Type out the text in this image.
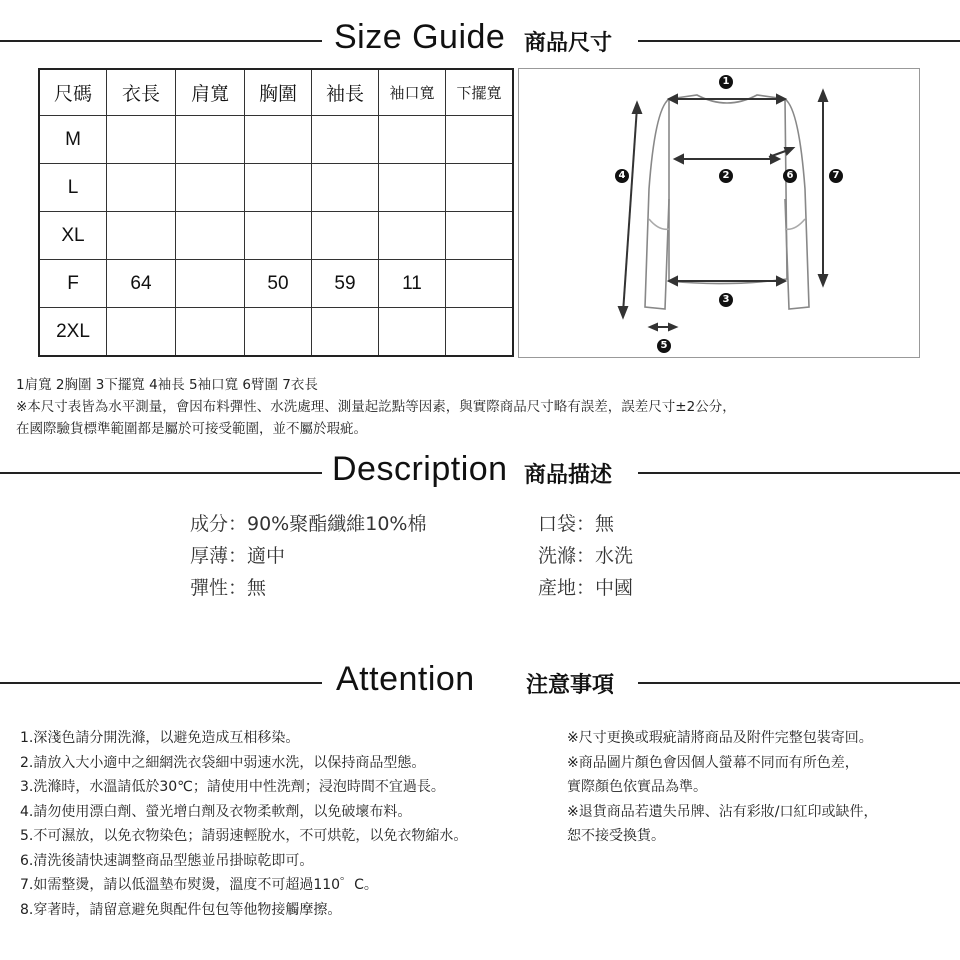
Size Guide 商品尺寸
尺碼	衣長	肩寬	胸圍	袖長	袖口寬	下擺寬
M						
L						
XL						
F	64		50	59	11	
2XL						
1
2
3
4
5
6	7
1肩寬 2胸圍 3下擺寬 4袖長 5袖口寬 6臂圍 7衣長
※本尺寸表皆為水平測量，會因布料彈性、水洗處理、測量起訖點等因素，與實際商品尺寸略有誤差，誤差尺寸±2公分，
在國際驗貨標準範圍都是屬於可接受範圍，並不屬於瑕疵。
Description 商品描述
成分：90%聚酯纖維10%棉
厚薄：適中
彈性：無
口袋：無
洗滌：水洗
產地：中國
Attention 注意事項
1.深淺色請分開洗滌，以避免造成互相移染。
2.請放入大小適中之細網洗衣袋細中弱速水洗，以保持商品型態。
3.洗滌時，水溫請低於30℃；請使用中性洗劑；浸泡時間不宜過長。
4.請勿使用漂白劑、螢光增白劑及衣物柔軟劑，以免破壞布料。
5.不可濕放，以免衣物染色；請弱速輕脫水，不可烘乾，以免衣物縮水。
6.清洗後請快速調整商品型態並吊掛晾乾即可。
7.如需整燙，請以低溫墊布熨燙，溫度不可超過110゜C。
8.穿著時，請留意避免與配件包包等他物接觸摩擦。
※尺寸更換或瑕疵請將商品及附件完整包裝寄回。
※商品圖片顏色會因個人螢幕不同而有所色差，
實際顏色依實品為準。
※退貨商品若遺失吊牌、沾有彩妝/口紅印或缺件，
恕不接受換貨。
